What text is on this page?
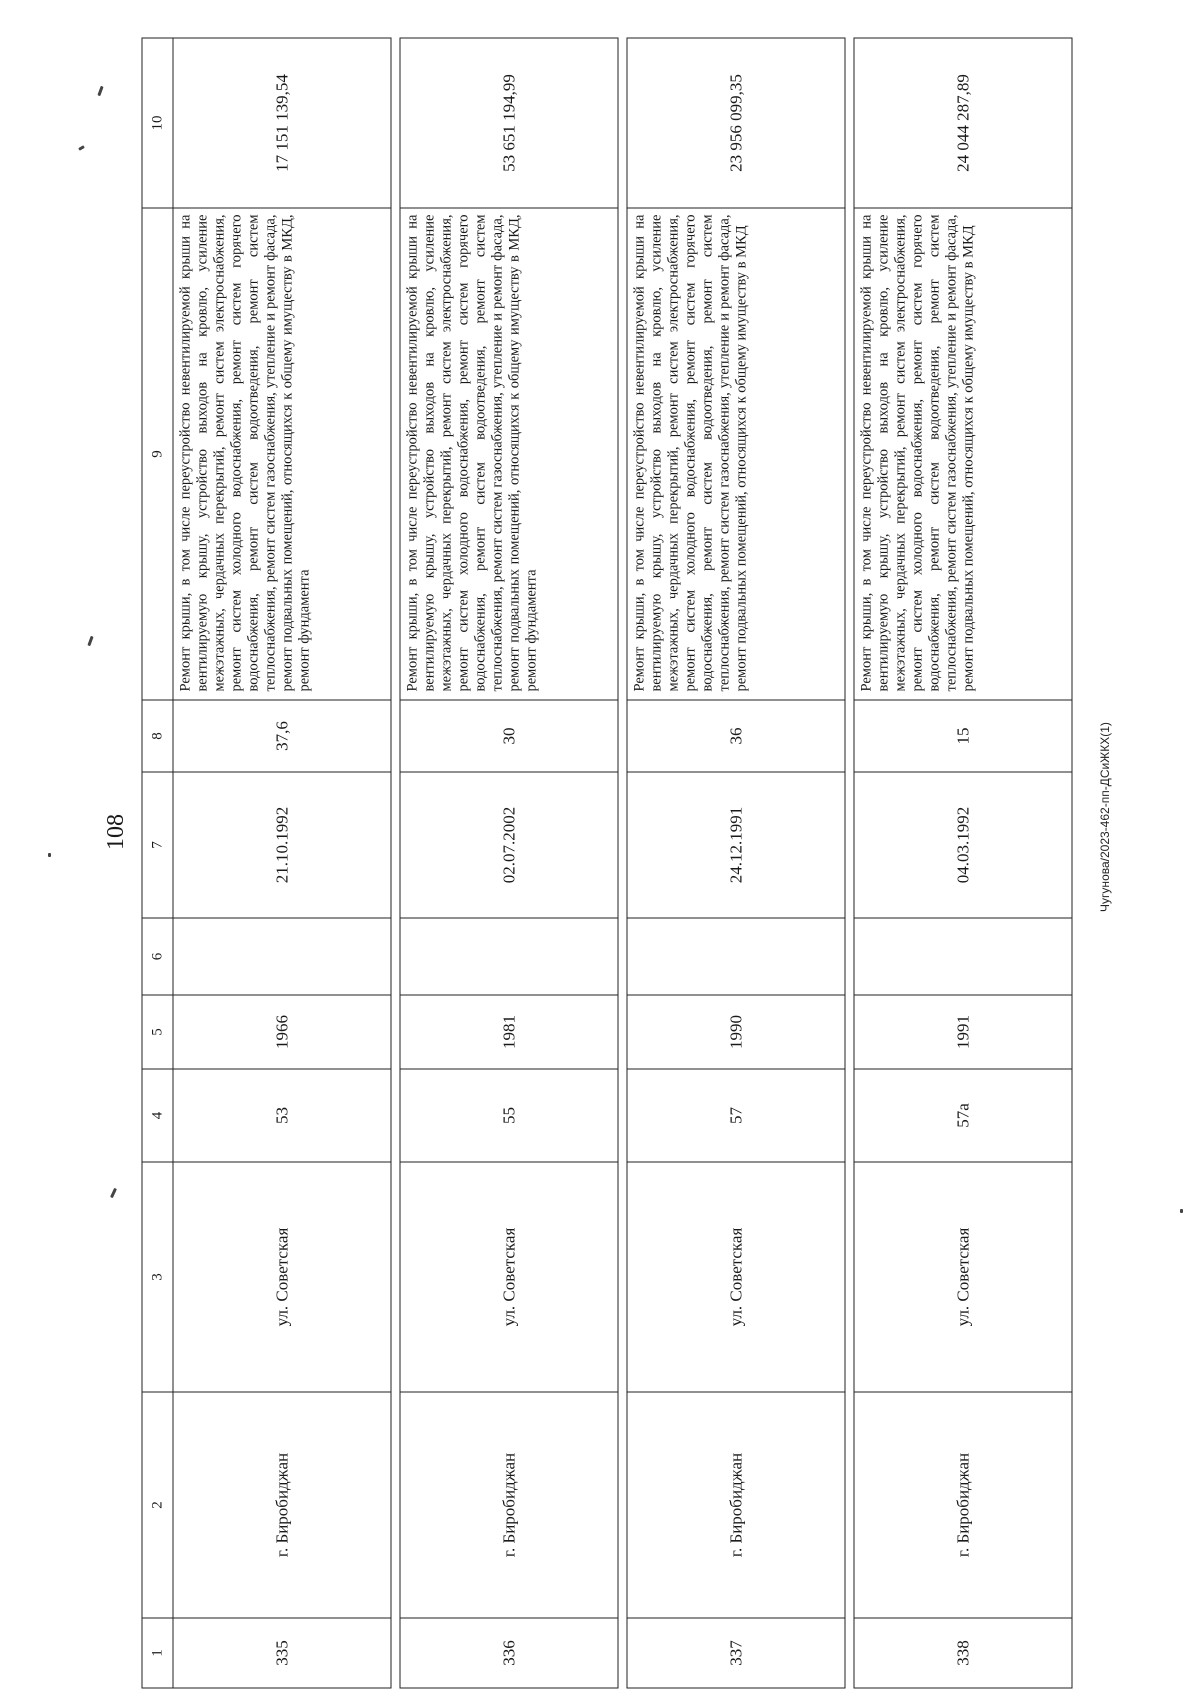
108	Чугунова/2023-462-пп-ДСиЖКХ(1)
1	2	3	4	5	6	7	8	9	10
335	г. Биробиджан	ул. Советская	53	1966		21.10.1992	37,6	Ремонт крыши, в том числе переустройство невентилируемой крыши на вентилируемую крышу, устройство выходов на кровлю, усиление межэтажных, чердачных перекрытий, ремонт систем электроснабжения, ремонт систем холодного водоснабжения, ремонт систем горячего водоснабжения, ремонт систем водоотведения, ремонт систем теплоснабжения, ремонт систем газоснабжения, утепление и ремонт фасада, ремонт подвальных помещений, относящихся к общему имуществу в МКД, ремонт фундамента	17 151 139,54

336	г. Биробиджан	ул. Советская	55	1981		02.07.2002	30	Ремонт крыши, в том числе переустройство невентилируемой крыши на вентилируемую крышу, устройство выходов на кровлю, усиление межэтажных, чердачных перекрытий, ремонт систем электроснабжения, ремонт систем холодного водоснабжения, ремонт систем горячего водоснабжения, ремонт систем водоотведения, ремонт систем теплоснабжения, ремонт систем газоснабжения, утепление и ремонт фасада, ремонт подвальных помещений, относящихся к общему имуществу в МКД, ремонт фундамента	53 651 194,99

337	г. Биробиджан	ул. Советская	57	1990		24.12.1991	36	Ремонт крыши, в том числе переустройство невентилируемой крыши на вентилируемую крышу, устройство выходов на кровлю, усиление межэтажных, чердачных перекрытий, ремонт систем электроснабжения, ремонт систем холодного водоснабжения, ремонт систем горячего водоснабжения, ремонт систем водоотведения, ремонт систем теплоснабжения, ремонт систем газоснабжения, утепление и ремонт фасада, ремонт подвальных помещений, относящихся к общему имуществу в МКД	23 956 099,35

338	г. Биробиджан	ул. Советская	57а	1991		04.03.1992	15	Ремонт крыши, в том числе переустройство невентилируемой крыши на вентилируемую крышу, устройство выходов на кровлю, усиление межэтажных, чердачных перекрытий, ремонт систем электроснабжения, ремонт систем холодного водоснабжения, ремонт систем горячего водоснабжения, ремонт систем водоотведения, ремонт систем теплоснабжения, ремонт систем газоснабжения, утепление и ремонт фасада, ремонт подвальных помещений, относящихся к общему имуществу в МКД	24 044 287,89
